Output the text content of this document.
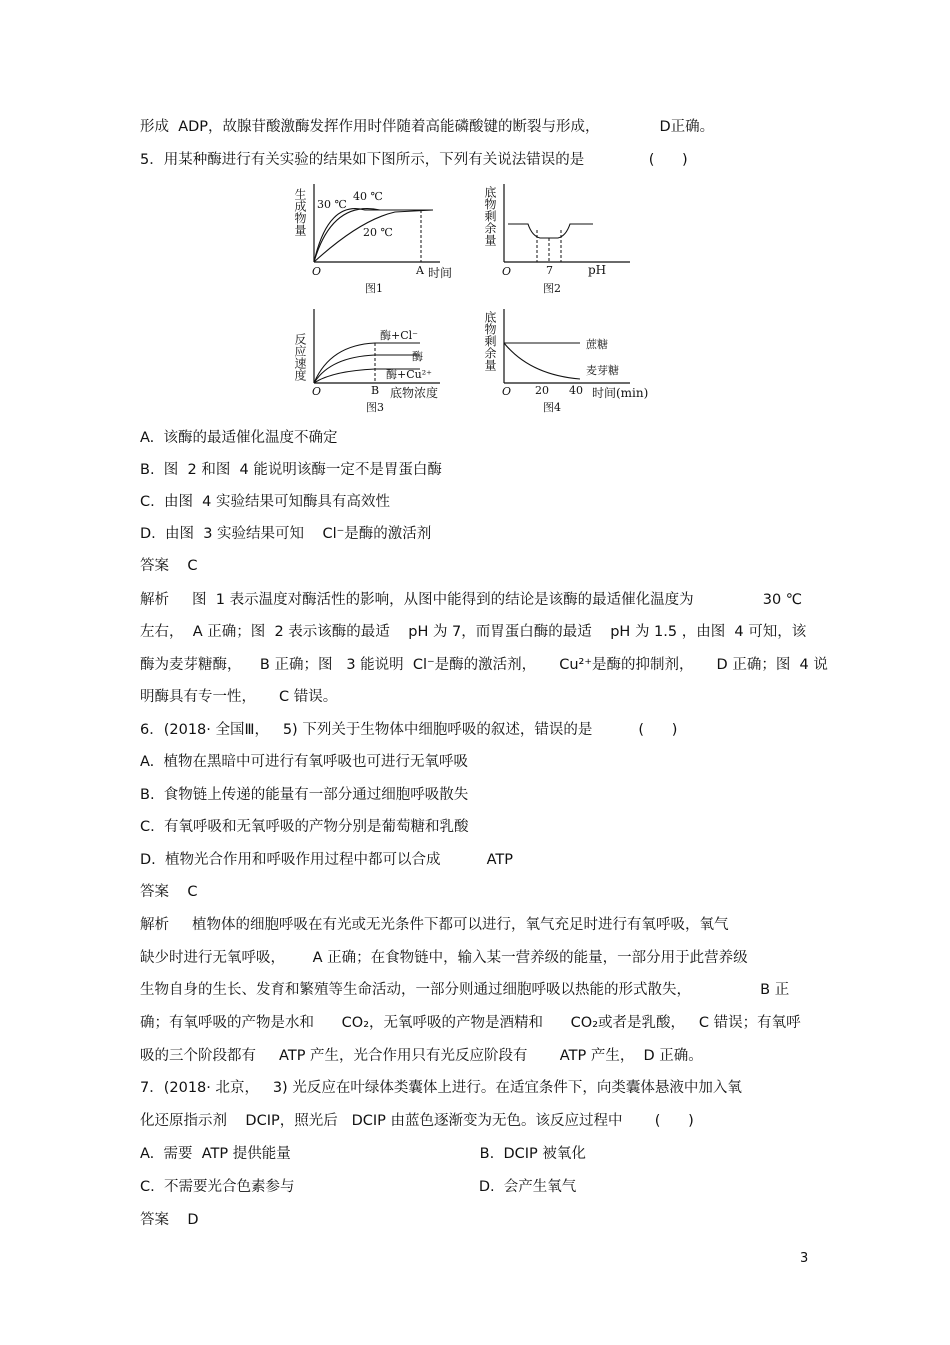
形成  ADP，故腺苷酸激酶发挥作用时伴随着高能磷酸键的断裂与形成，             D正确。
5．用某种酶进行有关实验的结果如下图所示，下列有关说法错误的是              (      )
生成物量 30 ℃
40 ℃
20 ℃
O	A 时间
图1
底物剩余量
O	7	pH
图2
反应速度	酶+Cl⁻
酶
酶+Cu²⁺
O	B 底物浓度
图3
底物剩余量	蔗糖
麦芽糖
O 20 40 时间(min)
图4
A.  该酶的最适催化温度不确定
B.  图  2 和图  4 能说明该酶一定不是胃蛋白酶
C.  由图  4 实验结果可知酶具有高效性
D.  由图  3 实验结果可知    Cl⁻是酶的激活剂
答案    C
解析     图  1 表示温度对酶活性的影响，从图中能得到的结论是该酶的最适催化温度为               30 ℃
左右，  A 正确；图  2 表示该酶的最适    pH 为 7，而胃蛋白酶的最适    pH 为 1.5 ，由图  4 可知，该
酶为麦芽糖酶，    B 正确；图   3 能说明  Cl⁻是酶的激活剂，     Cu²⁺是酶的抑制剂，     D 正确；图  4 说
明酶具有专一性，     C 错误。
6．(2018· 全国Ⅲ，   5) 下列关于生物体中细胞呼吸的叙述，错误的是          (      )
A.  植物在黑暗中可进行有氧呼吸也可进行无氧呼吸
B.  食物链上传递的能量有一部分通过细胞呼吸散失
C.  有氧呼吸和无氧呼吸的产物分别是葡萄糖和乳酸
D.  植物光合作用和呼吸作用过程中都可以合成          ATP
答案    C
解析     植物体的细胞呼吸在有光或无光条件下都可以进行，氧气充足时进行有氧呼吸，氧气
缺少时进行无氧呼吸，      A 正确；在食物链中，输入某一营养级的能量，一部分用于此营养级
生物自身的生长、发育和繁殖等生命活动，一部分则通过细胞呼吸以热能的形式散失，               B 正
确；有氧呼吸的产物是水和      CO₂，无氧呼吸的产物是酒精和      CO₂或者是乳酸，   C 错误；有氧呼
吸的三个阶段都有     ATP 产生，光合作用只有光反应阶段有       ATP 产生，  D 正确。
7．(2018· 北京，   3) 光反应在叶绿体类囊体上进行。在适宜条件下，向类囊体悬液中加入氧
化还原指示剂    DCIP，照光后   DCIP 由蓝色逐渐变为无色。该反应过程中       (      )
A.  需要  ATP 提供能量                                         B.  DCIP 被氧化
C.  不需要光合色素参与                                        D.  会产生氧气
答案    D
3
